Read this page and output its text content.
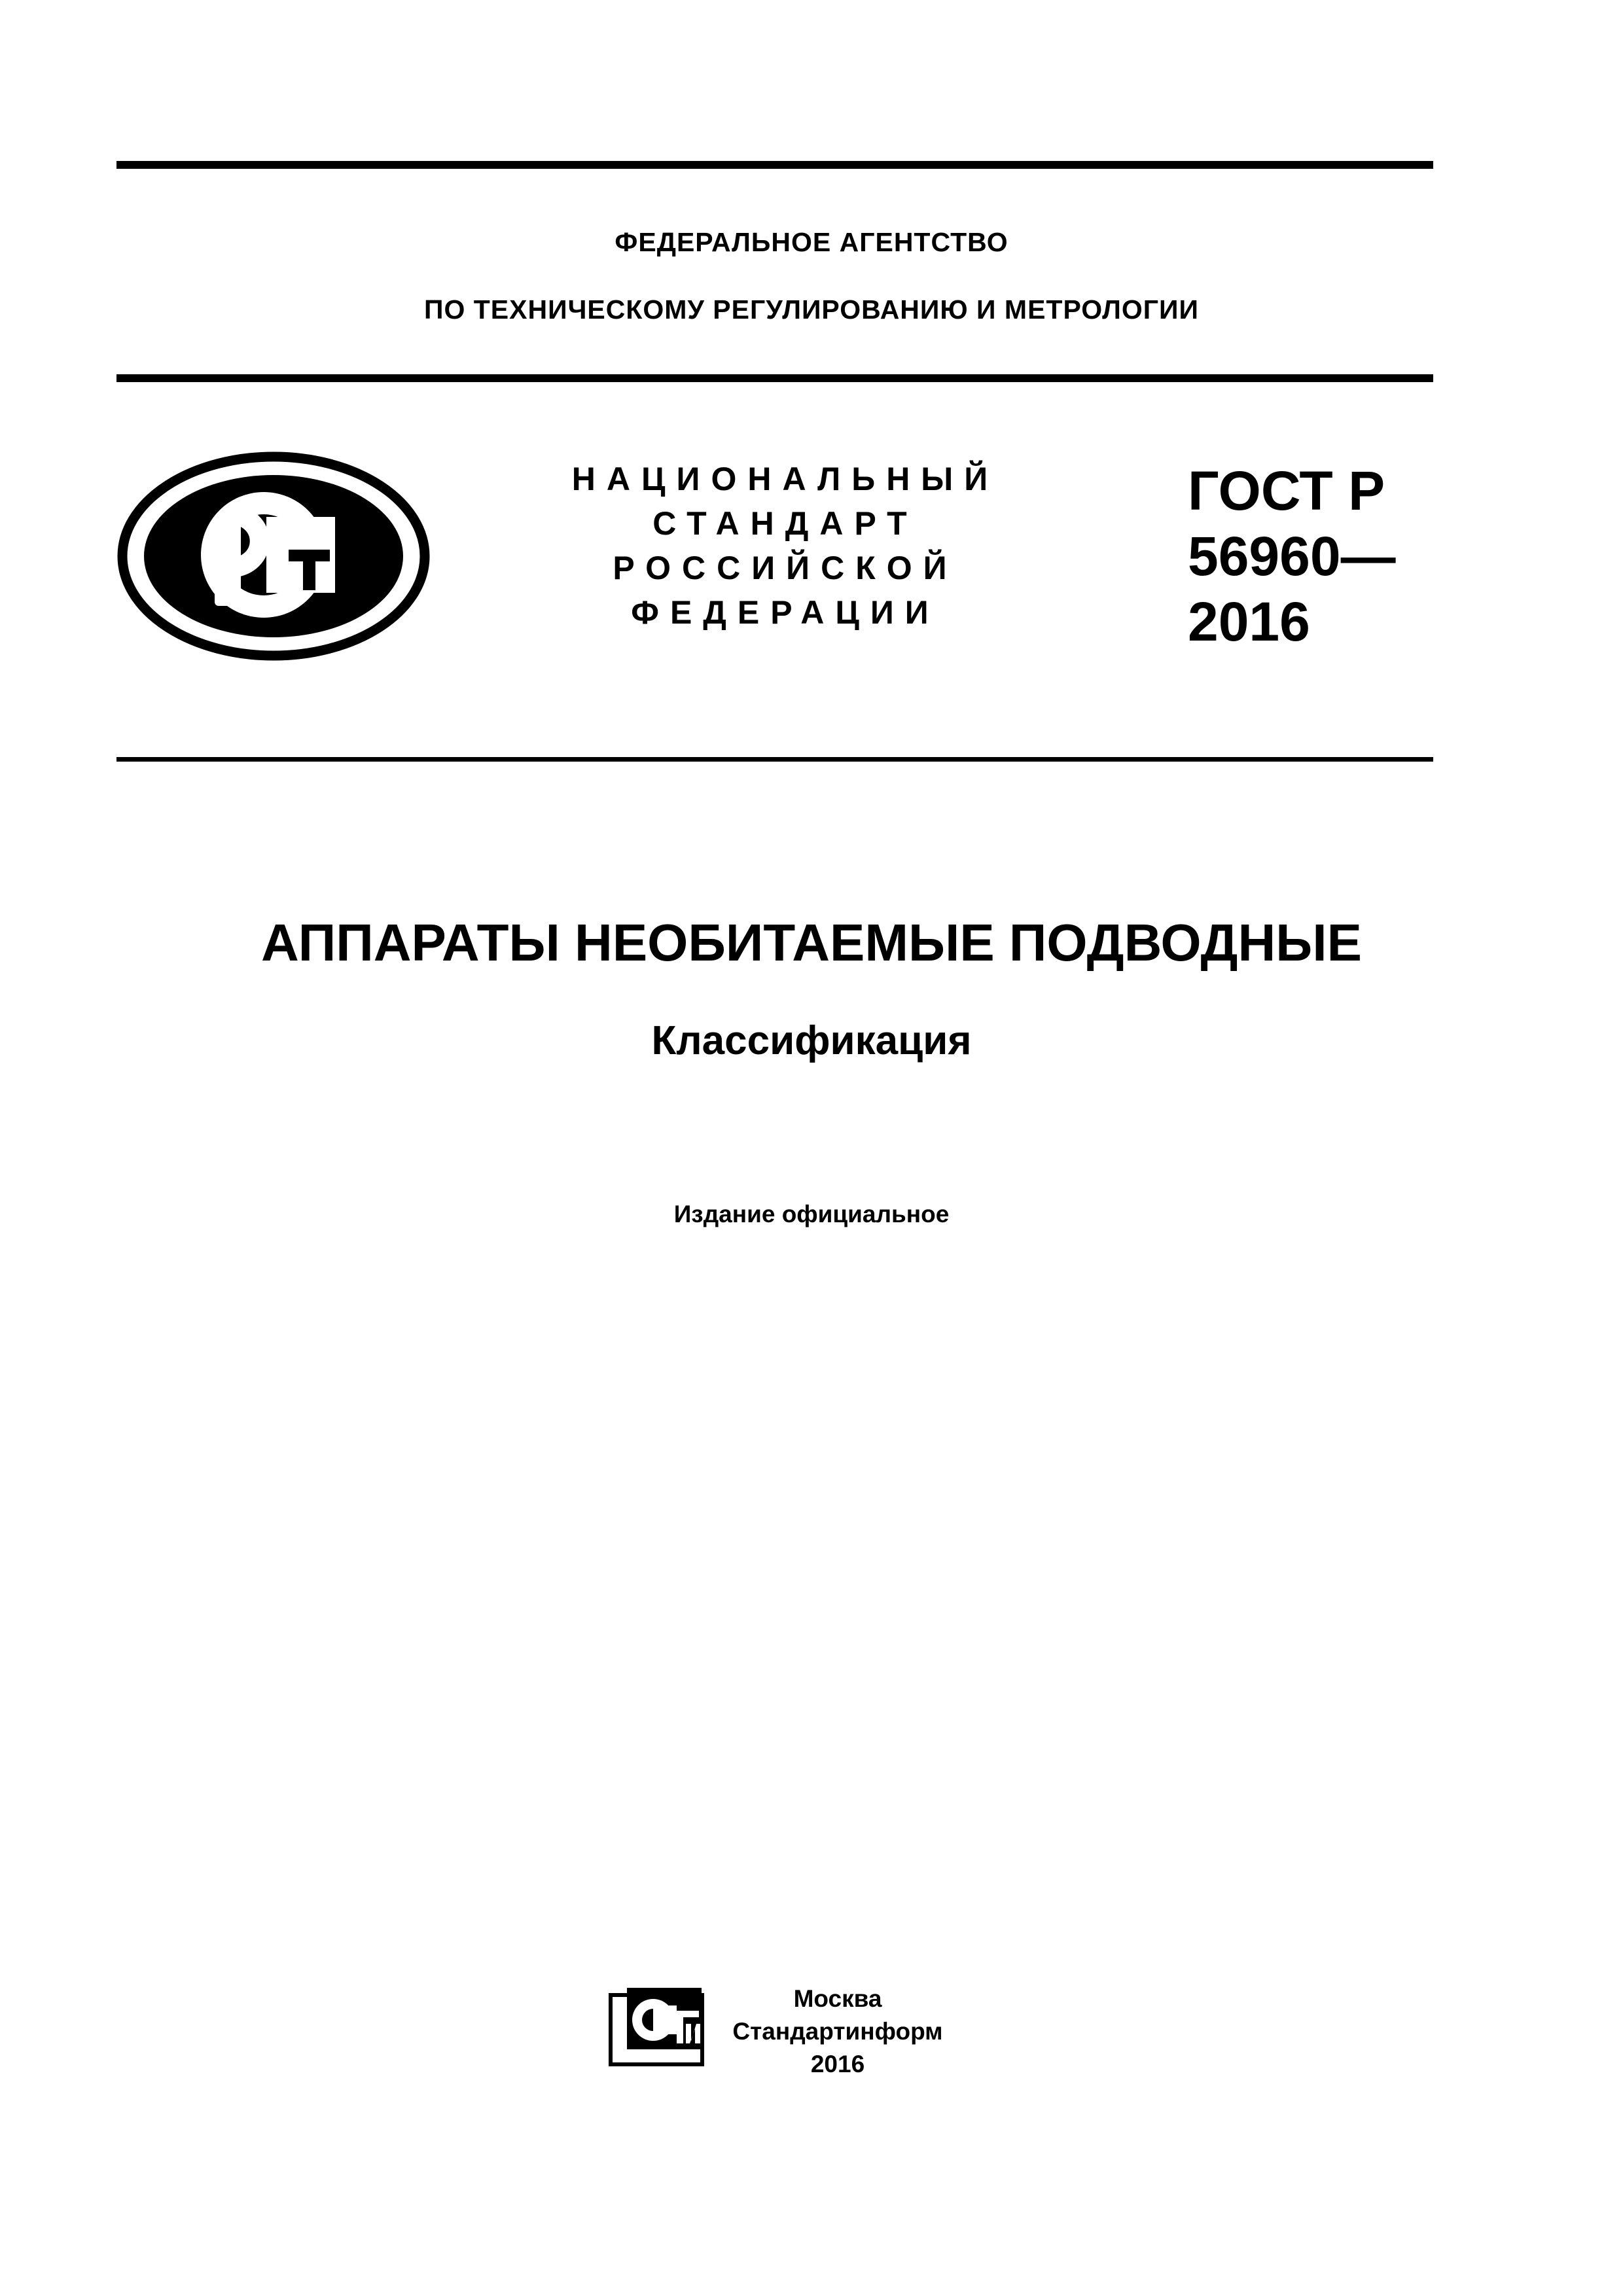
ФЕДЕРАЛЬНОЕ АГЕНТСТВО
ПО ТЕХНИЧЕСКОМУ РЕГУЛИРОВАНИЮ И МЕТРОЛОГИИ
НАЦИОНАЛЬНЫЙ
СТАНДАРТ
РОССИЙСКОЙ
ФЕДЕРАЦИИ
ГОСТ Р
56960—
2016
АППАРАТЫ НЕОБИТАЕМЫЕ ПОДВОДНЫЕ
Классификация
Издание официальное
Москва
Стандартинформ
2016
